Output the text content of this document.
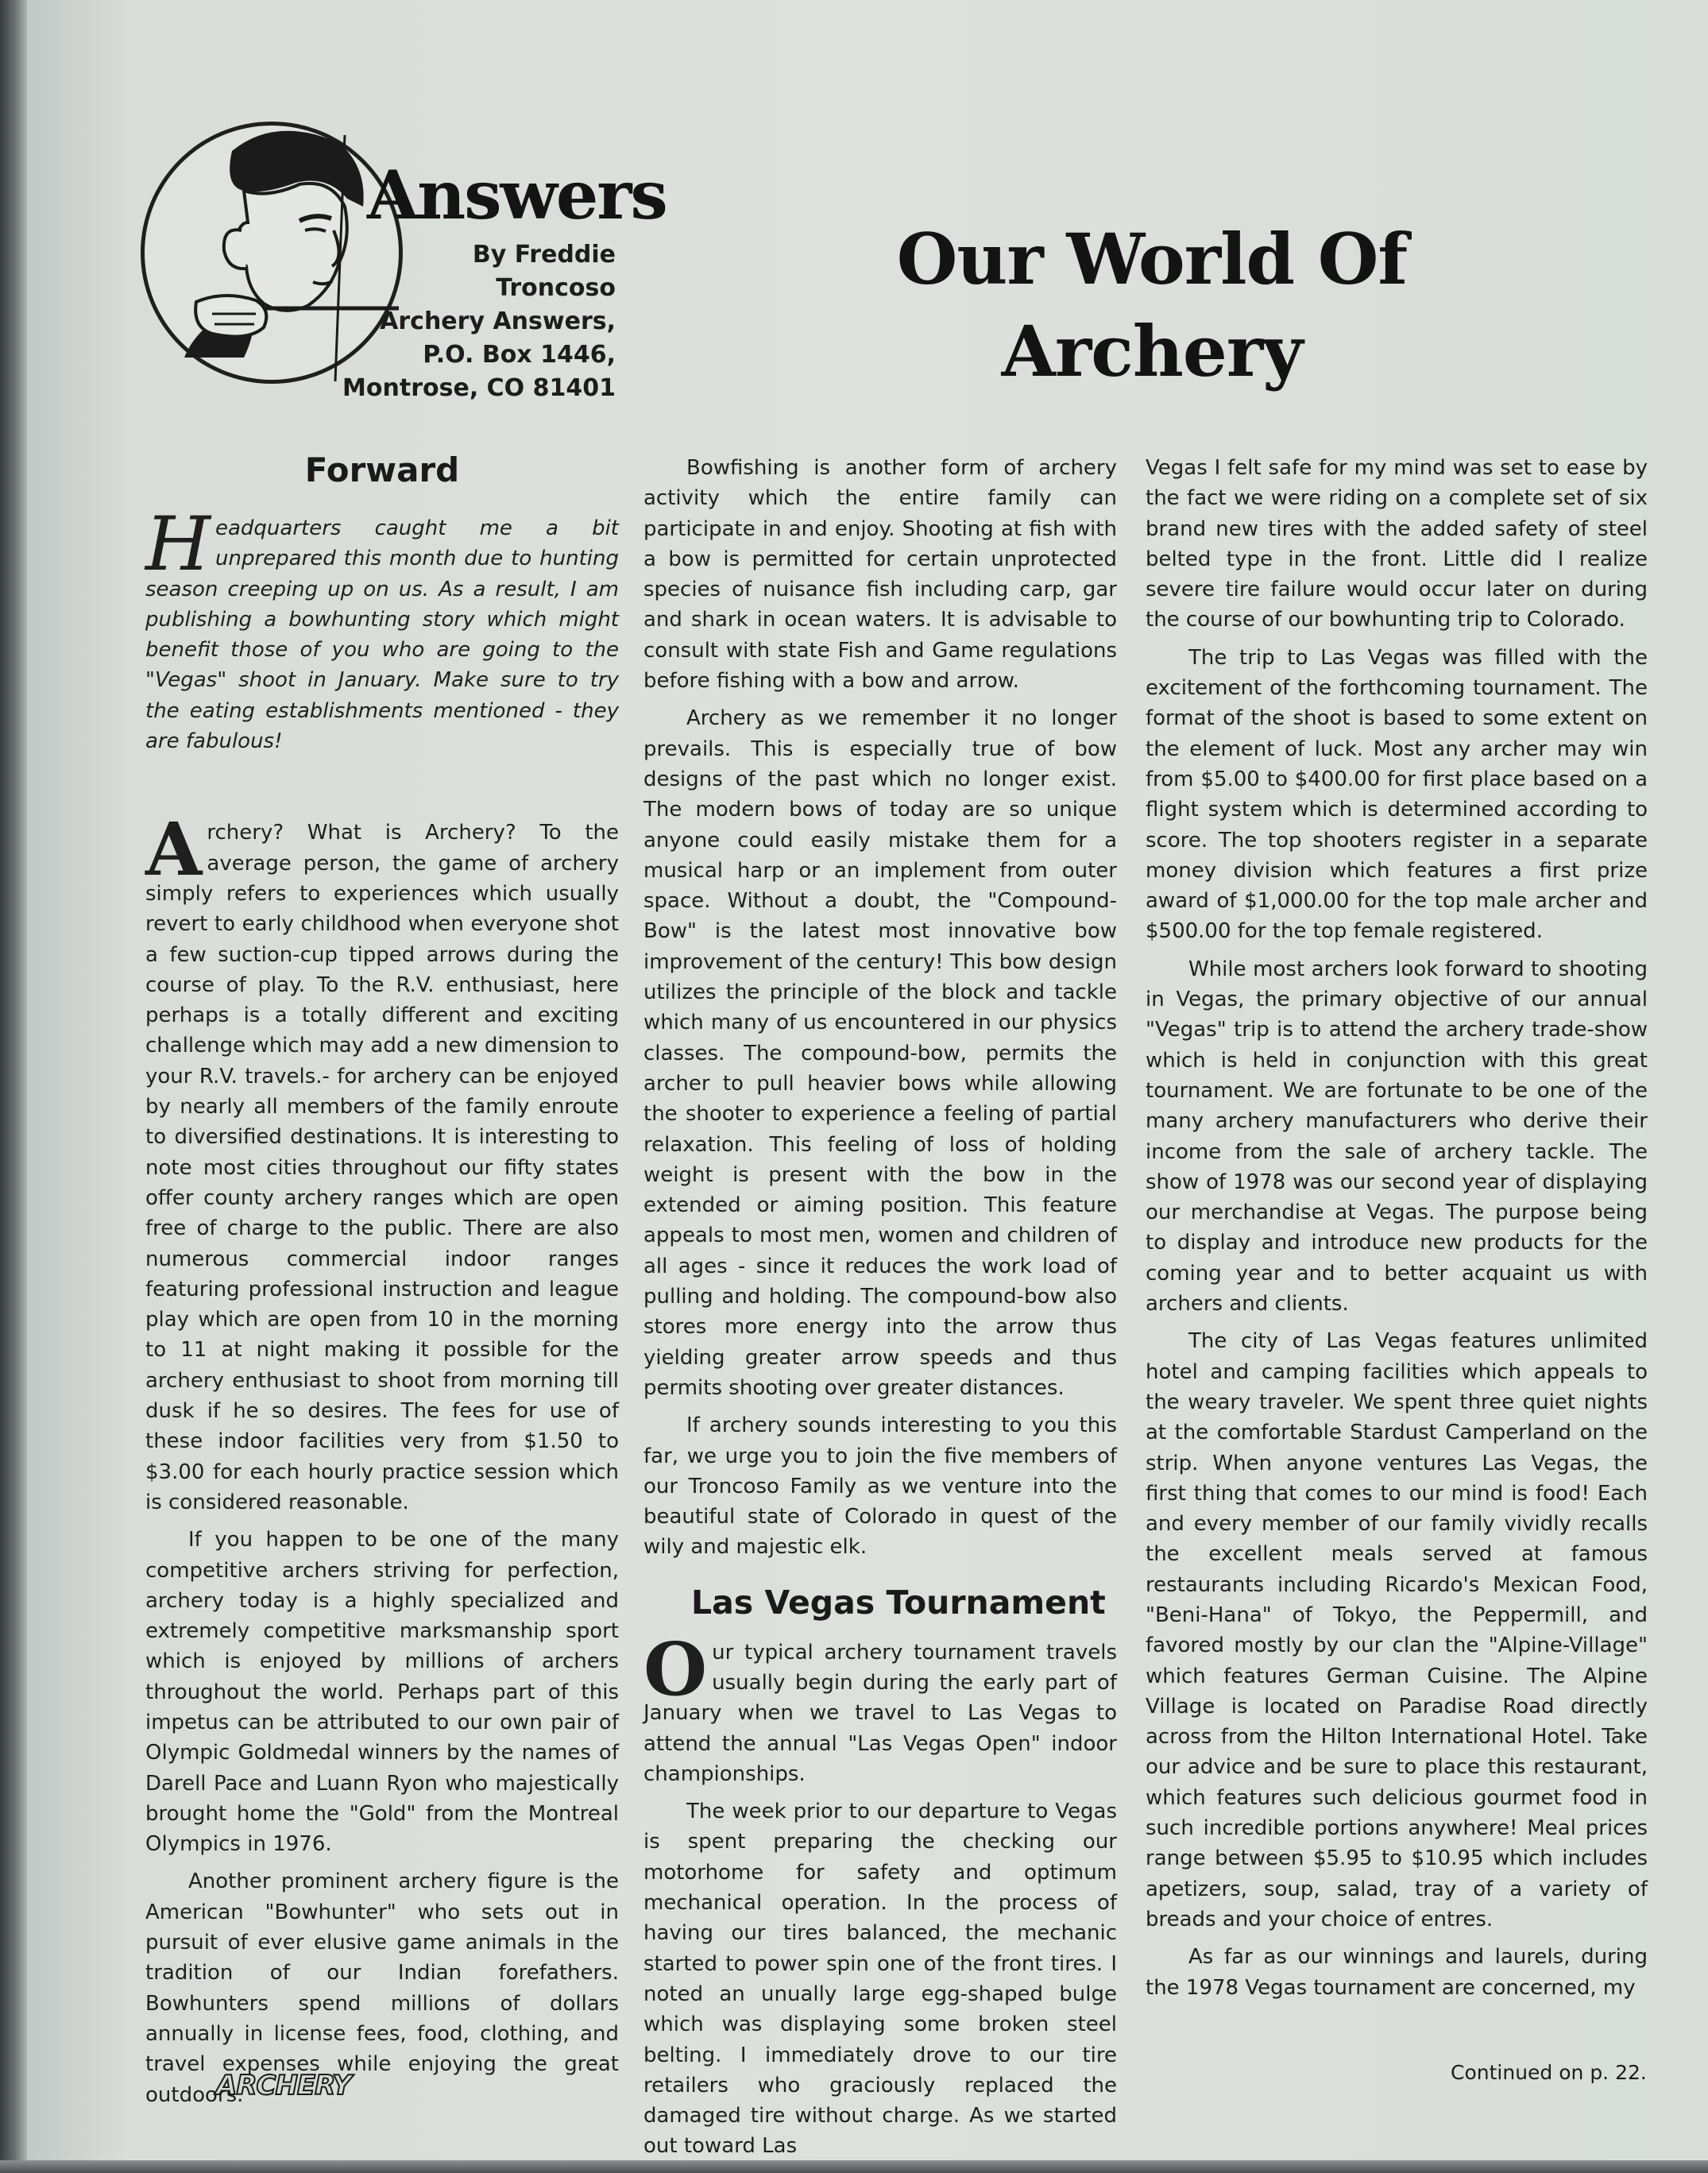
Answers
By Freddie
Troncoso
Archery Answers,
P.O. Box 1446,
Montrose, CO 81401
Our World Of
Archery
Forward

Headquarters caught me a bit unprepared this month due to hunting season creeping up on us. As a result, I am publishing a bowhunting story which might benefit those of you who are going to the "Vegas" shoot in January. Make sure to try the eating establishments mentioned - they are fabulous!

Archery? What is Archery? To the average person, the game of archery simply refers to experiences which usually revert to early childhood when everyone shot a few suction-cup tipped arrows during the course of play. To the R.V. enthusiast, here perhaps is a totally different and exciting challenge which may add a new dimension to your R.V. travels.- for archery can be enjoyed by nearly all members of the family enroute to diversified destinations. It is interesting to note most cities throughout our fifty states offer county archery ranges which are open free of charge to the public. There are also numerous commercial indoor ranges featuring professional instruction and league play which are open from 10 in the morning to 11 at night making it possible for the archery enthusiast to shoot from morning till dusk if he so desires. The fees for use of these indoor facilities very from $1.50 to $3.00 for each hourly practice session which is considered reasonable.

If you happen to be one of the many competitive archers striving for perfection, archery today is a highly specialized and extremely competitive marksmanship sport which is enjoyed by millions of archers throughout the world. Perhaps part of this impetus can be attributed to our own pair of Olympic Goldmedal winners by the names of Darell Pace and Luann Ryon who majestically brought home the "Gold" from the Montreal Olympics in 1976.

Another prominent archery figure is the American "Bowhunter" who sets out in pursuit of ever elusive game animals in the tradition of our Indian forefathers. Bowhunters spend millions of dollars annually in license fees, food, clothing, and travel expenses while enjoying the great outdoors.

Bowfishing is another form of archery activity which the entire family can participate in and enjoy. Shooting at fish with a bow is permitted for certain unprotected species of nuisance fish including carp, gar and shark in ocean waters. It is advisable to consult with state Fish and Game regulations before fishing with a bow and arrow.

Archery as we remember it no longer prevails. This is especially true of bow designs of the past which no longer exist. The modern bows of today are so unique anyone could easily mistake them for a musical harp or an implement from outer space. Without a doubt, the "Compound-Bow" is the latest most innovative bow improvement of the century! This bow design utilizes the principle of the block and tackle which many of us encountered in our physics classes. The compound-bow, permits the archer to pull heavier bows while allowing the shooter to experience a feeling of partial relaxation. This feeling of loss of holding weight is present with the bow in the extended or aiming position. This feature appeals to most men, women and children of all ages - since it reduces the work load of pulling and holding. The compound-bow also stores more energy into the arrow thus yielding greater arrow speeds and thus permits shooting over greater distances.

If archery sounds interesting to you this far, we urge you to join the five members of our Troncoso Family as we venture into the beautiful state of Colorado in quest of the wily and majestic elk.

Las Vegas Tournament

Our typical archery tournament travels usually begin during the early part of January when we travel to Las Vegas to attend the annual "Las Vegas Open" indoor championships.

The week prior to our departure to Vegas is spent preparing the checking our motorhome for safety and optimum mechanical operation. In the process of having our tires balanced, the mechanic started to power spin one of the front tires. I noted an unually large egg-shaped bulge which was displaying some broken steel belting. I immediately drove to our tire retailers who graciously replaced the damaged tire without charge. As we started out toward Las

Vegas I felt safe for my mind was set to ease by the fact we were riding on a complete set of six brand new tires with the added safety of steel belted type in the front. Little did I realize severe tire failure would occur later on during the course of our bowhunting trip to Colorado.

The trip to Las Vegas was filled with the excitement of the forthcoming tournament. The format of the shoot is based to some extent on the element of luck. Most any archer may win from $5.00 to $400.00 for first place based on a flight system which is determined according to score. The top shooters register in a separate money division which features a first prize award of $1,000.00 for the top male archer and $500.00 for the top female registered.

While most archers look forward to shooting in Vegas, the primary objective of our annual "Vegas" trip is to attend the archery trade-show which is held in conjunction with this great tournament. We are fortunate to be one of the many archery manufacturers who derive their income from the sale of archery tackle. The show of 1978 was our second year of displaying our merchandise at Vegas. The purpose being to display and introduce new products for the coming year and to better acquaint us with archers and clients.

The city of Las Vegas features unlimited hotel and camping facilities which appeals to the weary traveler. We spent three quiet nights at the comfortable Stardust Camperland on the strip. When anyone ventures Las Vegas, the first thing that comes to our mind is food! Each and every member of our family vividly recalls the excellent meals served at famous restaurants including Ricardo's Mexican Food, "Beni-Hana" of Tokyo, the Peppermill, and favored mostly by our clan the "Alpine-Village" which features German Cuisine. The Alpine Village is located on Paradise Road directly across from the Hilton International Hotel. Take our advice and be sure to place this restaurant, which features such delicious gourmet food in such incredible portions anywhere! Meal prices range between $5.95 to $10.95 which includes apetizers, soup, salad, tray of a variety of breads and your choice of entres.

As far as our winnings and laurels, during the 1978 Vegas tournament are concerned, my

Continued on p. 22.
ARCHERY
